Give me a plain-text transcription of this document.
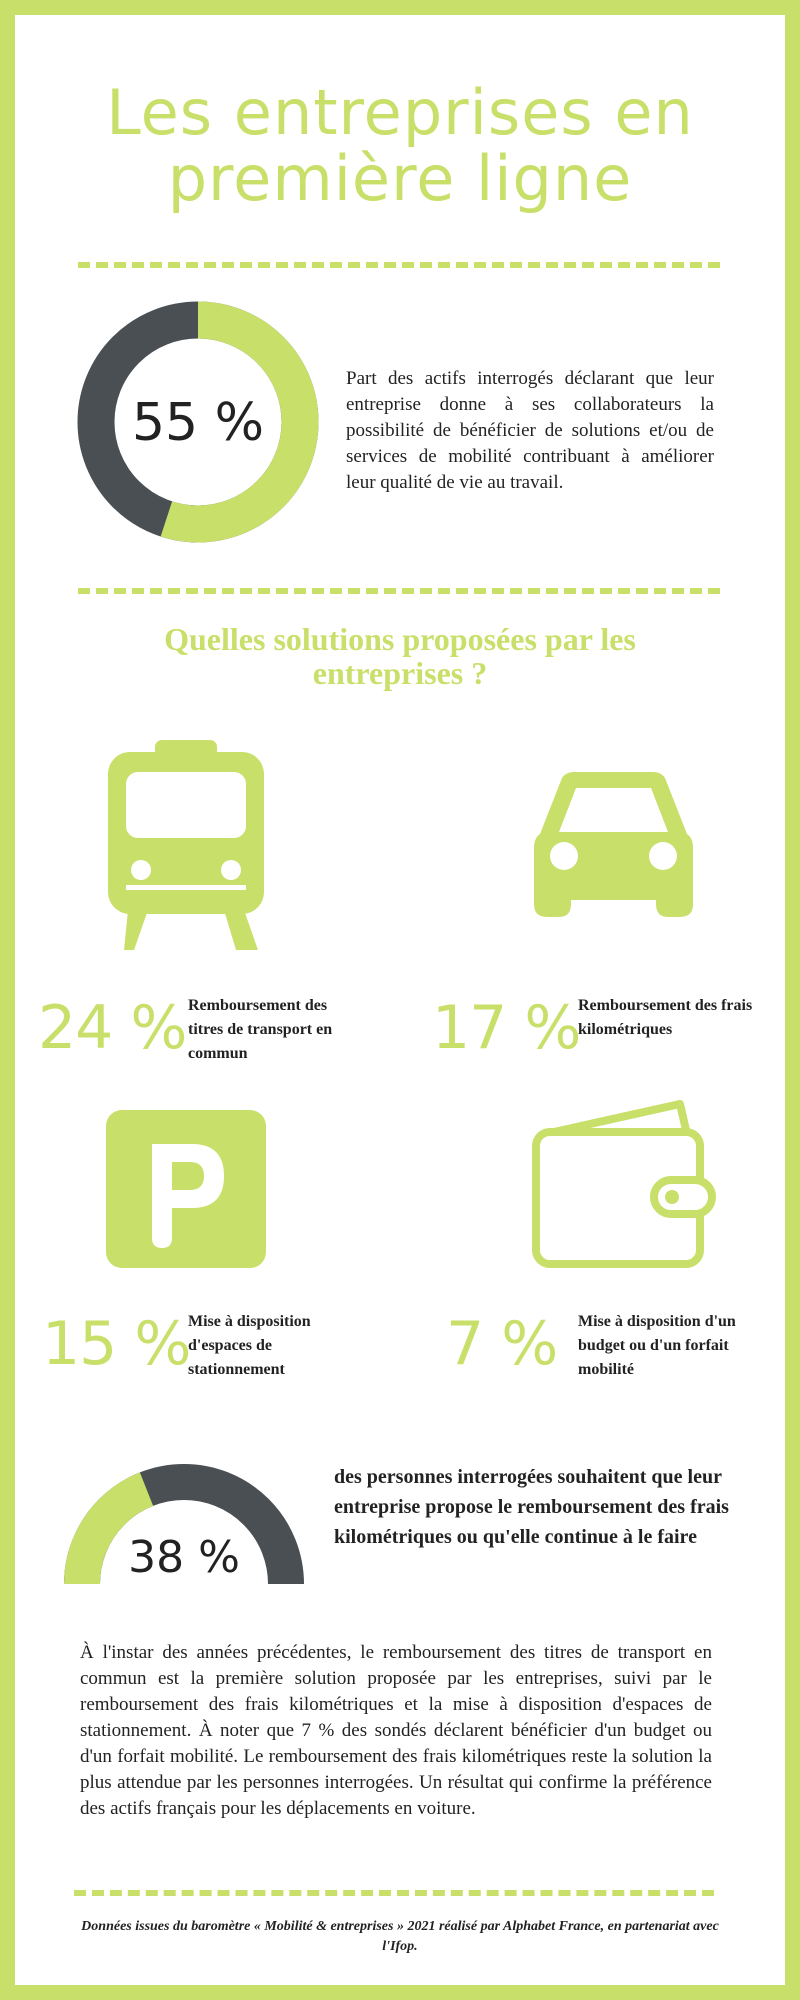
Les entreprises en
première ligne
55 %
Part des actifs interrogés déclarant que leur entreprise donne à ses collaborateurs la possibilité de bénéficier de solutions et/ou de services de mobilité contribuant à améliorer leur qualité de vie au travail.
Quelles solutions proposées par les entreprises ?
24 % Remboursement des titres de transport en commun	17 %
Remboursement des frais kilométriques
15 %
Mise à disposition d'espaces de stationnement	7 % Mise à disposition d'un budget ou d'un forfait mobilité
38 %
des personnes interrogées souhaitent que leur entreprise propose le remboursement des frais kilométriques ou qu'elle continue à le faire
À l'instar des années précédentes, le remboursement des titres de transport en commun est la première solution proposée par les entreprises, suivi par le remboursement des frais kilométriques et la mise à disposition d'espaces de stationnement. À noter que 7 % des sondés déclarent bénéficier d'un budget ou d'un forfait mobilité. Le remboursement des frais kilométriques reste la solution la plus attendue par les personnes interrogées. Un résultat qui confirme la préférence des actifs français pour les déplacements en voiture.
Données issues du baromètre « Mobilité & entreprises » 2021 réalisé par Alphabet France, en partenariat avec l'Ifop.
